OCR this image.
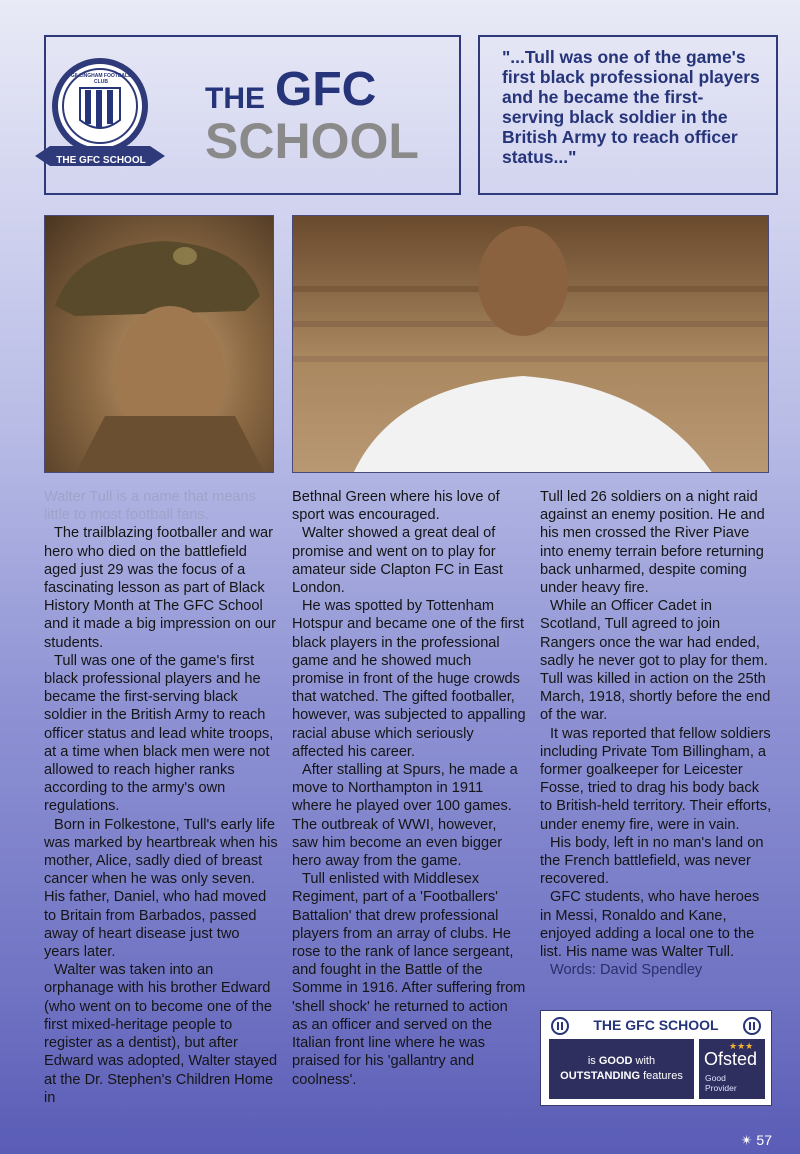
GILLINGHAM FOOTBALL CLUB
THE GFC SCHOOL
THE GFC
SCHOOL
"...Tull was one of the game's first black professional players and he became the first-serving black soldier in the British Army to reach officer status..."

Walter Tull is a name that means little to most football fans.

The trailblazing footballer and war hero who died on the battlefield aged just 29 was the focus of a fascinating lesson as part of Black History Month at The GFC School and it made a big impression on our students.

Tull was one of the game's first black professional players and he became the first-serving black soldier in the British Army to reach officer status and lead white troops, at a time when black men were not allowed to reach higher ranks according to the army's own regulations.

Born in Folkestone, Tull's early life was marked by heartbreak when his mother, Alice, sadly died of breast cancer when he was only seven. His father, Daniel, who had moved to Britain from Barbados, passed away of heart disease just two years later.

Walter was taken into an orphanage with his brother Edward (who went on to become one of the first mixed-heritage people to register as a dentist), but after Edward was adopted, Walter stayed at the Dr. Stephen's Children Home in

Bethnal Green where his love of sport was encouraged.

Walter showed a great deal of promise and went on to play for amateur side Clapton FC in East London.

He was spotted by Tottenham Hotspur and became one of the first black players in the professional game and he showed much promise in front of the huge crowds that watched. The gifted footballer, however, was subjected to appalling racial abuse which seriously affected his career.

After stalling at Spurs, he made a move to Northampton in 1911 where he played over 100 games. The outbreak of WWI, however, saw him become an even bigger hero away from the game.

Tull enlisted with Middlesex Regiment, part of a 'Footballers' Battalion' that drew professional players from an array of clubs. He rose to the rank of lance sergeant, and fought in the Battle of the Somme in 1916. After suffering from 'shell shock' he returned to action as an officer and served on the Italian front line where he was praised for his 'gallantry and coolness'.

Tull led 26 soldiers on a night raid against an enemy position. He and his men crossed the River Piave into enemy terrain before returning back unharmed, despite coming under heavy fire.

While an Officer Cadet in Scotland, Tull agreed to join Rangers once the war had ended, sadly he never got to play for them. Tull was killed in action on the 25th March, 1918, shortly before the end of the war.

It was reported that fellow soldiers including Private Tom Billingham, a former goalkeeper for Leicester Fosse, tried to drag his body back to British-held territory. Their efforts, under enemy fire, were in vain.

His body, left in no man's land on the French battlefield, was never recovered.

GFC students, who have heroes in Messi, Ronaldo and Kane, enjoyed adding a local one to the list. His name was Walter Tull.

Words: David Spendley

THE GFC SCHOOL
is GOOD with
OUTSTANDING features
★★★
Ofsted
Good
Provider
✴ 57
